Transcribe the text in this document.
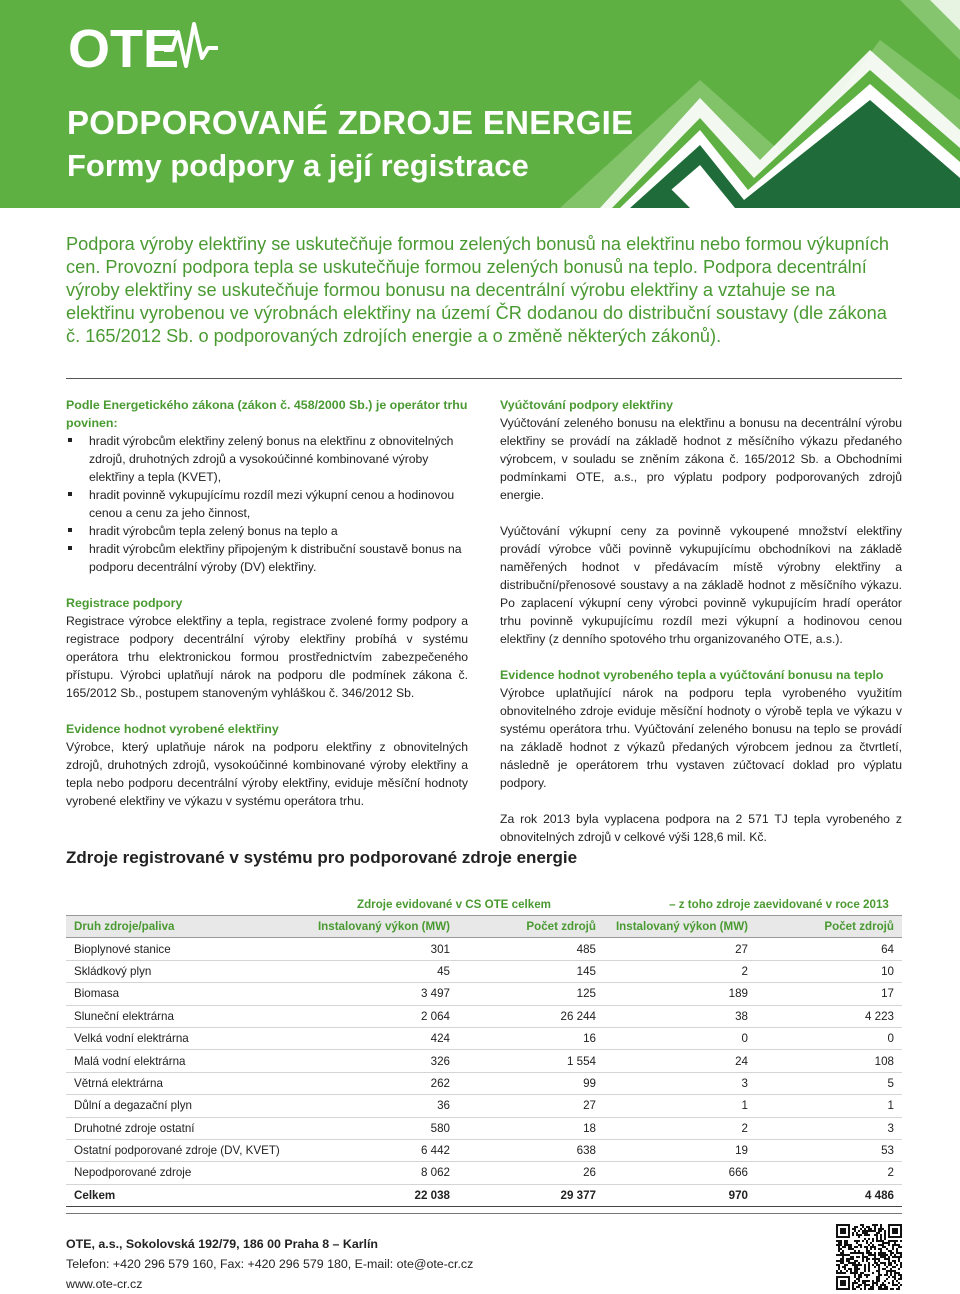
OTE
PODPOROVANÉ ZDROJE ENERGIE
Formy podpory a její registrace

Podpora výroby elektřiny se uskutečňuje formou zelených bonusů na elektřinu nebo formou výkupních cen. Provozní podpora tepla se uskutečňuje formou zelených bonusů na teplo. Podpora decentrální výroby elektřiny se uskutečňuje formou bonusu na decentrální výrobu elektřiny a vztahuje se na elektřinu vyrobenou ve výrobnách elektřiny na území ČR dodanou do distribuční soustavy (dle zákona č. 165/2012 Sb. o podporovaných zdrojích energie a o změně některých zákonů).

Podle Energetického zákona (zákon č. 458/2000 Sb.) je operátor trhu povinen:

hradit výrobcům elektřiny zelený bonus na elektřinu z obnovitelných zdrojů, druhotných zdrojů a vysokoúčinné kombinované výroby elektřiny a tepla (KVET),
hradit povinně vykupujícímu rozdíl mezi výkupní cenou a hodinovou cenou a cenu za jeho činnost,
hradit výrobcům tepla zelený bonus na teplo a
hradit výrobcům elektřiny připojeným k distribuční soustavě bonus na podporu decentrální výroby (DV) elektřiny.

Registrace podpory

Registrace výrobce elektřiny a tepla, registrace zvolené formy podpory a registrace podpory decentrální výroby elektřiny probíhá v systému operátora trhu elektronickou formou prostřednictvím zabezpečeného přístupu. Výrobci uplatňují nárok na podporu dle podmínek zákona č. 165/2012 Sb., postupem stanoveným vyhláškou č. 346/2012 Sb.

Evidence hodnot vyrobené elektřiny

Výrobce, který uplatňuje nárok na podporu elektřiny z obnovitelných zdrojů, druhotných zdrojů, vysokoúčinné kombinované výroby elektřiny a tepla nebo podporu decentrální výroby elektřiny, eviduje měsíční hodnoty vyrobené elektřiny ve výkazu v systému operátora trhu.

Vyúčtování podpory elektřiny

Vyúčtování zeleného bonusu na elektřinu a bonusu na decentrální výrobu elektřiny se provádí na základě hodnot z měsíčního výkazu předaného výrobcem, v souladu se zněním zákona č. 165/2012 Sb. a Obchodními podmínkami OTE, a.s., pro výplatu podpory podporovaných zdrojů energie.

Vyúčtování výkupní ceny za povinně vykoupené množství elektřiny provádí výrobce vůči povinně vykupujícímu obchodníkovi na základě naměřených hodnot v předávacím místě výrobny elektřiny a distribuční/přenosové soustavy a na základě hodnot z měsíčního výkazu. Po zaplacení výkupní ceny výrobci povinně vykupujícím hradí operátor trhu povinně vykupujícímu rozdíl mezi výkupní a hodinovou cenou elektřiny (z denního spotového trhu organizovaného OTE, a.s.).

Evidence hodnot vyrobeného tepla a vyúčtování bonusu na teplo

Výrobce uplatňující nárok na podporu tepla vyrobeného využitím obnovitelného zdroje eviduje měsíční hodnoty o výrobě tepla ve výkazu v systému operátora trhu. Vyúčtování zeleného bonusu na teplo se provádí na základě hodnot z výkazů předaných výrobcem jednou za čtvrtletí, následně je operátorem trhu vystaven zúčtovací doklad pro výplatu podpory.

Za rok 2013 byla vyplacena podpora na 2 571 TJ tepla vyrobeného z obnovitelných zdrojů v celkové výši 128,6 mil. Kč.

Zdroje registrované v systému pro podporované zdroje energie
	Zdroje evidované v CS OTE celkem		– z toho zdroje zaevidované v roce 2013	
Druh zdroje/paliva	Instalovaný výkon (MW)	Počet zdrojů	Instalovaný výkon (MW)	Počet zdrojů
Bioplynové stanice	301	485	27	64
Skládkový plyn	45	145	2	10
Biomasa	3 497	125	189	17
Sluneční elektrárna	2 064	26 244	38	4 223
Velká vodní elektrárna	424	16	0	0
Malá vodní elektrárna	326	1 554	24	108
Větrná elektrárna	262	99	3	5
Důlní a degazační plyn	36	27	1	1
Druhotné zdroje ostatní	580	18	2	3
Ostatní podporované zdroje (DV, KVET)	6 442	638	19	53
Nepodporované zdroje	8 062	26	666	2
Celkem	22 038	29 377	970	4 486
OTE, a.s., Sokolovská 192/79, 186 00 Praha 8 – Karlín
Telefon: +420 296 579 160, Fax: +420 296 579 180, E-mail: ote@ote-cr.cz
www.ote-cr.cz
